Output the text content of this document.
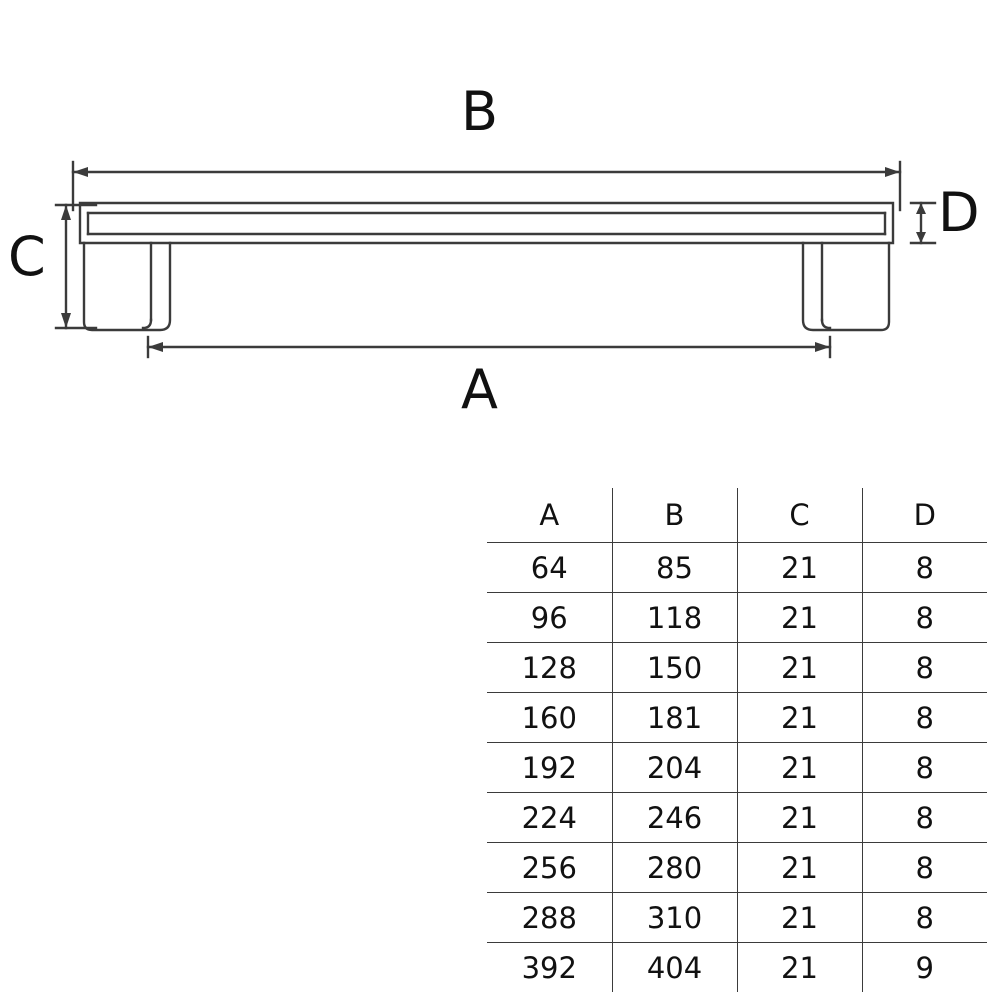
B
D
C
A
A	B	C	D
64	85	21	8
96	118	21	8
128	150	21	8
160	181	21	8
192	204	21	8
224	246	21	8
256	280	21	8
288	310	21	8
392	404	21	9
